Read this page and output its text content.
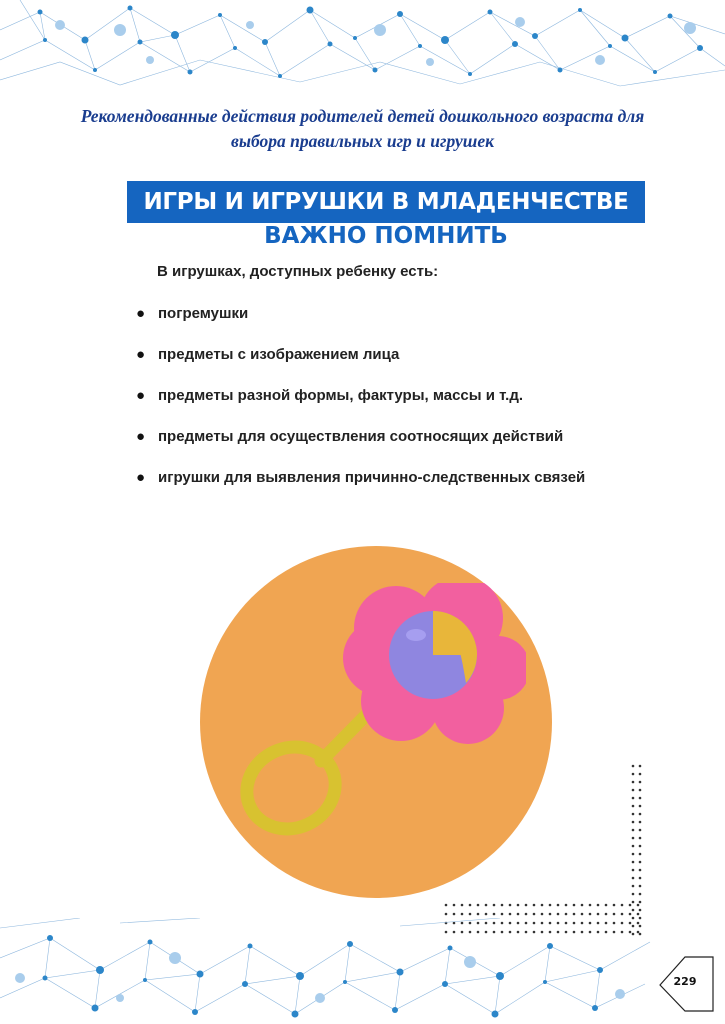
Рекомендованные действия родителей детей дошкольного возраста для выбора правильных игр и игрушек

ИГРЫ И ИГРУШКИ В МЛАДЕНЧЕСТВЕ
ВАЖНО ПОМНИТЬ

В игрушках, доступных ребенку есть:

● погремушки
● предметы с изображением лица
● предметы разной формы, фактуры, массы и т.д.
● предметы для осуществления соотносящих действий
● игрушки для выявления причинно-следственных связей
229
